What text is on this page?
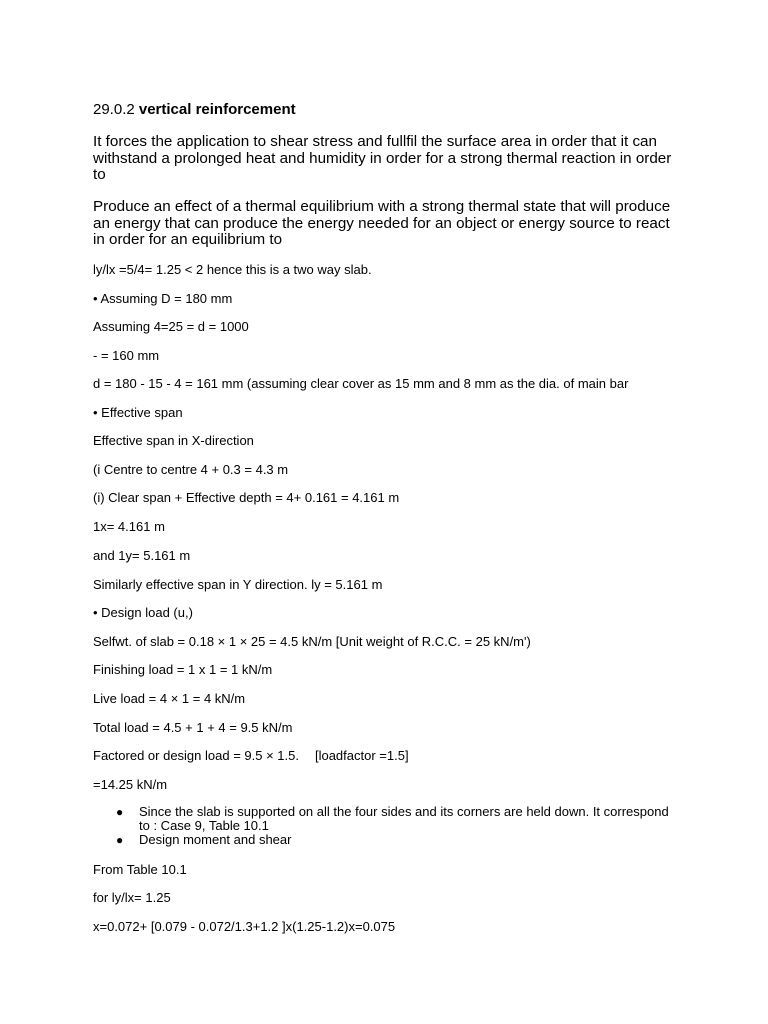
29.0.2 vertical reinforcement
It forces the application to shear stress and fullfil the surface area in order that it can withstand a prolonged heat and humidity in order for a strong thermal reaction in order to
Produce an effect of a thermal equilibrium with a strong thermal state that will produce an energy that can produce the energy needed for an object or energy source to react in order for an equilibrium to
ly/lx =5/4= 1.25 < 2 hence this is a two way slab.
• Assuming D = 180 mm
Assuming 4=25 = d = 1000
- = 160 mm
d = 180 - 15 - 4 = 161 mm (assuming clear cover as 15 mm and 8 mm as the dia. of main bar
• Effective span
Effective span in X-direction
(i Centre to centre 4 + 0.3 = 4.3 m
(i) Clear span + Effective depth = 4+ 0.161 = 4.161 m
1x= 4.161 m
and 1y= 5.161 m
Similarly effective span in Y direction. ly = 5.161 m
• Design load (u,)
Selfwt. of slab = 0.18 × 1 × 25 = 4.5 kN/m [Unit weight of R.C.C. = 25 kN/m')
Finishing load = 1 x 1 = 1 kN/m
Live load = 4 × 1 = 4 kN/m
Total load = 4.5 + 1 + 4 = 9.5 kN/m
Factored or design load = 9.5 × 1.5. [loadfactor =1.5]
=14.25 kN/m
● Since the slab is supported on all the four sides and its corners are held down. It correspond to : Case 9, Table 10.1
● Design moment and shear
From Table 10.1
for ly/lx= 1.25
x=0.072+ [0.079 - 0.072/1.3+1.2 ]x(1.25-1.2)x=0.075
